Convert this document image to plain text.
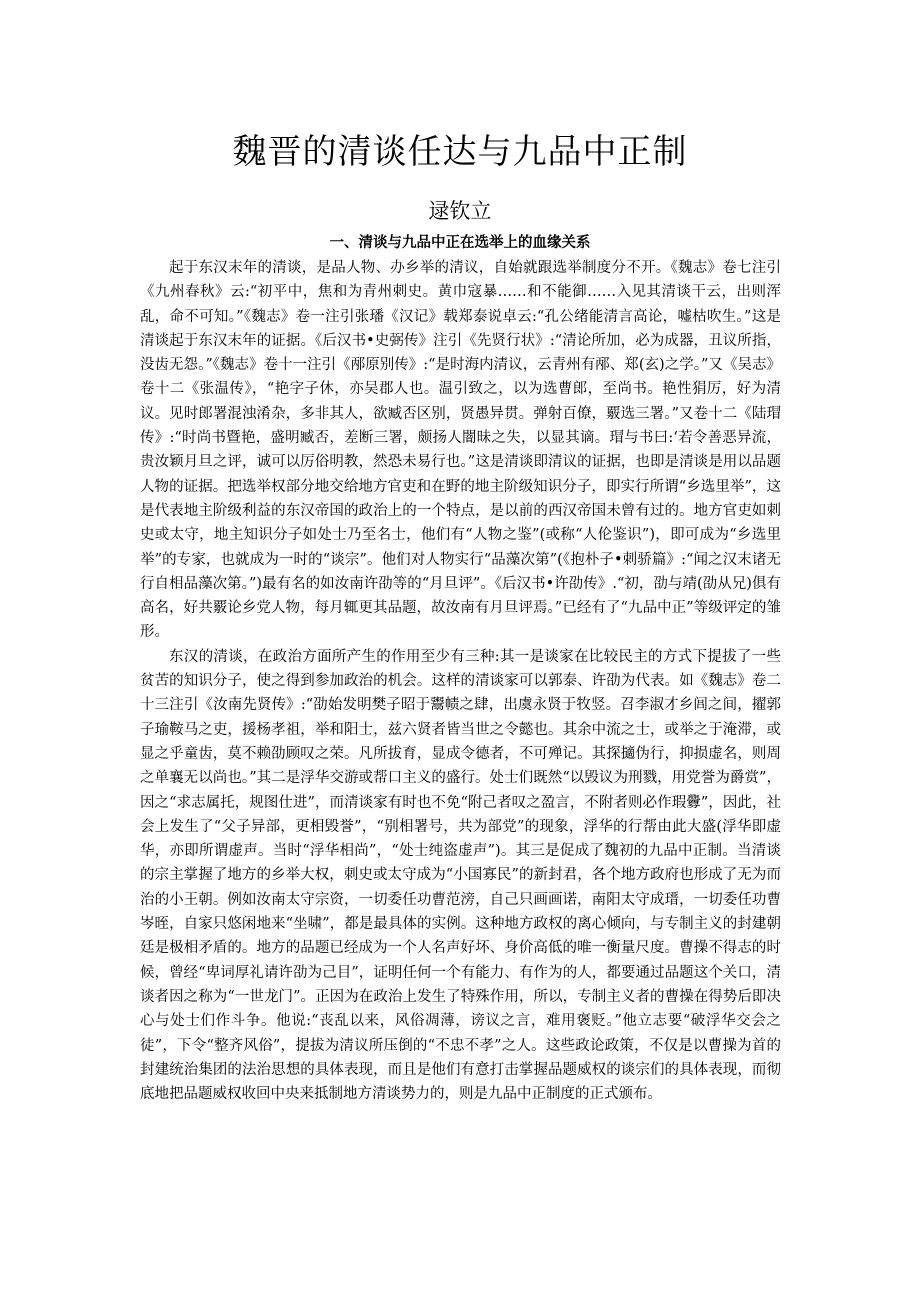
魏晋的清谈任达与九品中正制
逯钦立
一、清谈与九品中正在选举上的血缘关系

起于东汉末年的清谈，是品人物、办乡举的清议，自始就跟选举制度分不开。《魏志》卷七注引《九州春秋》云:“初平中，焦和为青州刺史。黄巾寇暴……和不能御……入见其清谈干云，出则浑乱，命不可知。”《魏志》卷一注引张璠《汉记》载郑泰说卓云:“孔公绪能清言高论，嘘枯吹生。”这是清谈起于东汉末年的证据。《后汉书•史弼传》注引《先贤行状》:“清论所加，必为成器，丑议所指，没齿无怨。”《魏志》卷十一注引《邴原别传》:“是时海内清议，云青州有邴、郑(玄)之学。”又《吴志》卷十二《张温传》，“艳字子休，亦吴郡人也。温引致之，以为选曹郎，至尚书。艳性狷厉，好为清议。见时郎署混浊淆杂，多非其人，欲臧否区别，贤愚异贯。弹射百僚，覈选三署。”又卷十二《陆瑁传》:“时尚书暨艳，盛明臧否，差断三署，颇扬人闇昧之失，以显其谪。瑁与书曰:‘若令善恶异流，贵汝颖月旦之评，诚可以厉俗明教，然恐未易行也。”这是清谈即清议的证据，也即是清谈是用以品题人物的证据。把选举权部分地交给地方官吏和在野的地主阶级知识分子，即实行所谓“乡选里举”，这是代表地主阶级利益的东汉帝国的政治上的一个特点，是以前的西汉帝国未曾有过的。地方官吏如刺史或太守，地主知识分子如处士乃至名士，他们有“人物之鉴”(或称“人伦鉴识”)，即可成为“乡选里举”的专家，也就成为一时的“谈宗”。他们对人物实行“品藻次第”(《抱朴子•刺骄篇》:“闻之汉末诸无行自相品藻次第。”)最有名的如汝南许劭等的“月旦评”。《后汉书•许劭传》.“初，劭与靖(劭从兄)俱有高名，好共覈论乡党人物，每月辄更其品题，故汝南有月旦评焉。”已经有了“九品中正”等级评定的雏形。

东汉的清谈，在政治方面所产生的作用至少有三种:其一是谈家在比较民主的方式下提拔了一些贫苦的知识分子，使之得到参加政治的机会。这样的清谈家可以郭泰、许劭为代表。如《魏志》卷二十三注引《汝南先贤传》:“劭始发明樊子昭于鬻帻之肆，出虞永贤于牧竖。召李淑才乡闾之间，擢郭子瑜鞍马之吏，援杨孝祖，举和阳士，兹六贤者皆当世之令懿也。其余中流之士，或举之于淹滞，或显之乎童齿，莫不赖劭顾叹之荣。凡所拔育，显成令德者，不可殚记。其探擿伪行，抑损虚名，则周之单襄无以尚也。”其二是浮华交游或帮口主义的盛行。处士们既然“以毁议为刑戮，用党誉为爵赏”，因之“求志属托，规图仕进”，而清谈家有时也不免“附己者叹之盈言，不附者则必作瑕釁”，因此，社会上发生了“父子异部，更相毁誉”，“别相署号，共为部党”的现象，浮华的行帮由此大盛(浮华即虚华，亦即所谓虚声。当时“浮华相尚”，“处士纯盗虚声”)。其三是促成了魏初的九品中正制。当清谈的宗主掌握了地方的乡举大权，刺史或太守成为“小国寡民”的新封君，各个地方政府也形成了无为而治的小王朝。例如汝南太守宗资，一切委任功曹范滂，自己只画画诺，南阳太守成瑨，一切委任功曹岑晊，自家只悠闲地来“坐啸”，都是最具体的实例。这种地方政权的离心倾向，与专制主义的封建朝廷是极相矛盾的。地方的品题已经成为一个人名声好坏、身价高低的唯一衡量尺度。曹操不得志的时候，曾经“卑词厚礼请许劭为己目”，证明任何一个有能力、有作为的人，都要通过品题这个关口，清谈者因之称为“一世龙门”。正因为在政治上发生了特殊作用，所以，专制主义者的曹操在得势后即决心与处士们作斗争。他说:“丧乱以来，风俗凋薄，谤议之言，难用褒贬。”他立志要“破浮华交会之徒”，下令“整齐风俗”，提拔为清议所压倒的“不忠不孝”之人。这些政论政策，不仅是以曹操为首的封建统治集团的法治思想的具体表现，而且是他们有意打击掌握品题威权的谈宗们的具体表现，而彻底地把品题威权收回中央来抵制地方清谈势力的，则是九品中正制度的正式颁布。
